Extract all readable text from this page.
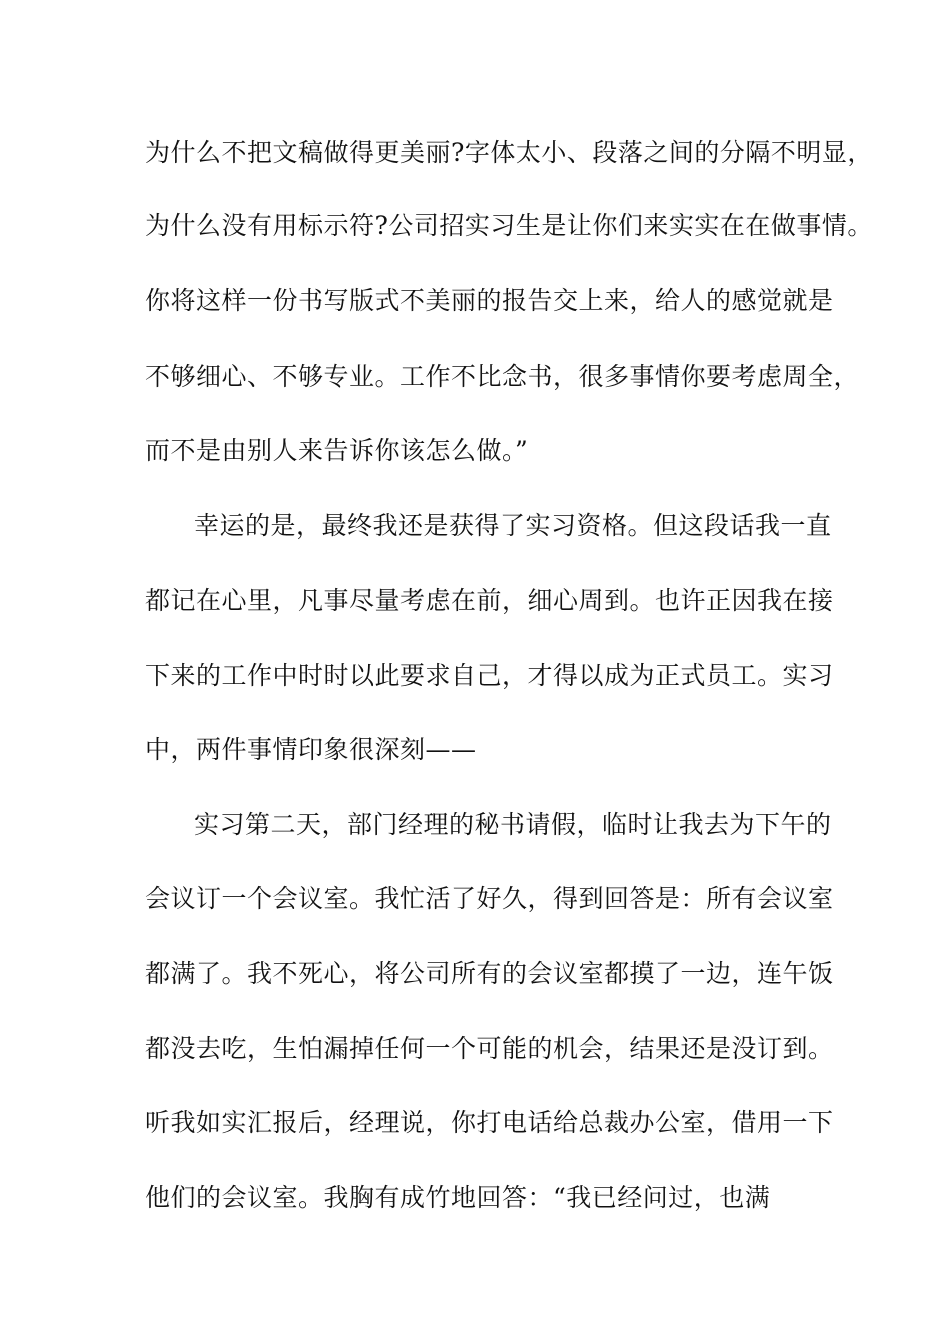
为什么不把文稿做得更美丽?字体太小、段落之间的分隔不明显，
为什么没有用标示符?公司招实习生是让你们来实实在在做事情。
你将这样一份书写版式不美丽的报告交上来，给人的感觉就是
不够细心、不够专业。工作不比念书，很多事情你要考虑周全，
而不是由别人来告诉你该怎么做。”
幸运的是，最终我还是获得了实习资格。但这段话我一直
都记在心里，凡事尽量考虑在前，细心周到。也许正因我在接
下来的工作中时时以此要求自己，才得以成为正式员工。实习
中，两件事情印象很深刻——
实习第二天，部门经理的秘书请假，临时让我去为下午的
会议订一个会议室。我忙活了好久，得到回答是：所有会议室
都满了。我不死心，将公司所有的会议室都摸了一边，连午饭
都没去吃，生怕漏掉任何一个可能的机会，结果还是没订到。
听我如实汇报后，经理说，你打电话给总裁办公室，借用一下
他们的会议室。我胸有成竹地回答：“我已经问过，也满
